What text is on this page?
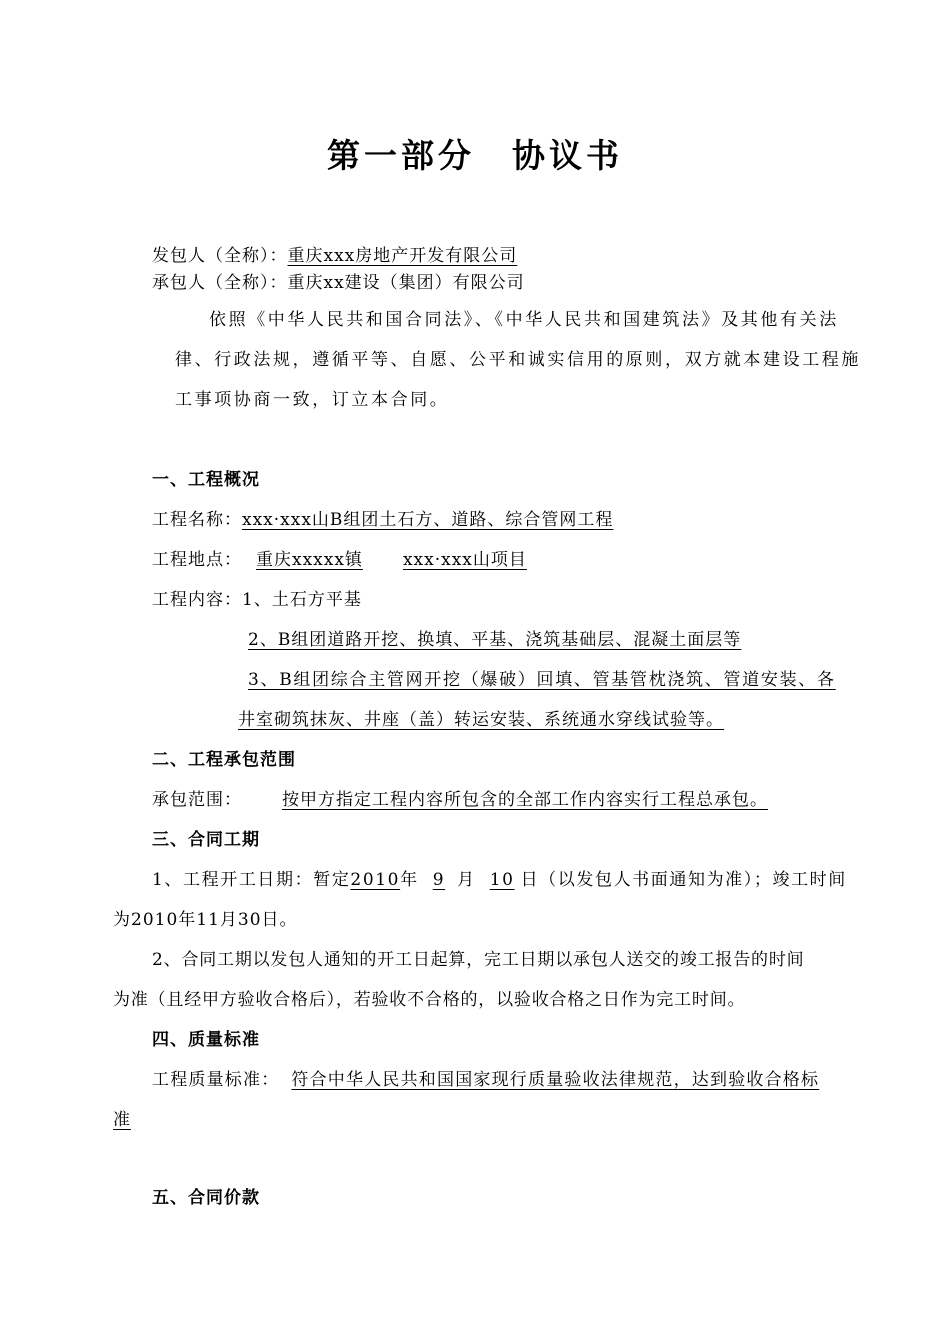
第一部分　协议书
发包人（全称）：重庆xxx房地产开发有限公司
承包人（全称）：重庆xx建设（集团）有限公司
依照《中华人民共和国合同法》、《中华人民共和国建筑法》及其他有关法
律、行政法规，遵循平等、自愿、公平和诚实信用的原则，双方就本建设工程施
工事项协商一致，订立本合同。
一、工程概况
工程名称：xxx·xxx山B组团土石方、道路、综合管网工程
工程地点： 重庆xxxxx镇 xxx·xxx山项目
工程内容：1、土石方平基
2、B组团道路开挖、换填、平基、浇筑基础层、混凝土面层等
3、B组团综合主管网开挖（爆破）回填、管基管枕浇筑、管道安装、各
井室砌筑抹灰、井座（盖）转运安装、系统通水穿线试验等。
二、工程承包范围
承包范围： 按甲方指定工程内容所包含的全部工作内容实行工程总承包。
三、合同工期
1、工程开工日期：暂定2010年 9 月 10 日（以发包人书面通知为准）；竣工时间
为2010年11月30日。
2、合同工期以发包人通知的开工日起算，完工日期以承包人送交的竣工报告的时间
为准（且经甲方验收合格后），若验收不合格的，以验收合格之日作为完工时间。
四、质量标准
工程质量标准： 符合中华人民共和国国家现行质量验收法律规范，达到验收合格标
准
五、合同价款
